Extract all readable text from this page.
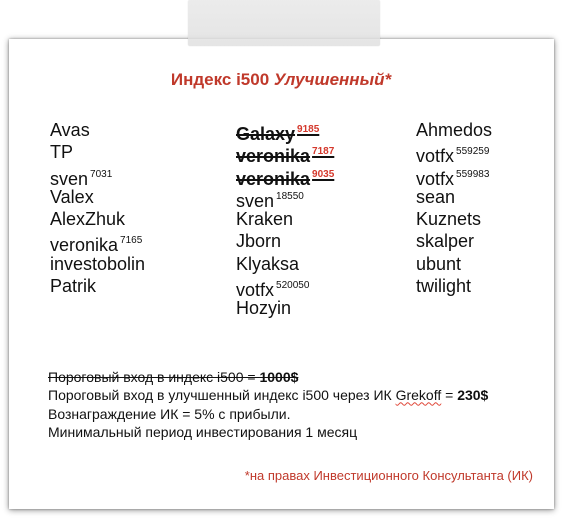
Индекс i500 Улучшенный*
Avas
TP
sven $^{7031}$
Valex
AlexZhuk
veronika $^{7165}$
investobolin
Patrik
Galaxy $^{9185}$
veronika $^{7187}$
veronika $^{9035}$
sven $^{18550}$
Kraken
Jborn
Klyaksa
votfx $^{520050}$
Hozyin
Ahmedos
votfx $^{559259}$
votfx $^{559983}$
sean
Kuznets
skalper
ubunt
twilight
Пороговый вход в индекс i500 = 1000$
Пороговый вход в улучшенный индекс i500 через ИК Grekoff = 230$
Вознаграждение ИК = 5% с прибыли.
Минимальный период инвестирования 1 месяц
*на правах Инвестиционного Консультанта (ИК)
